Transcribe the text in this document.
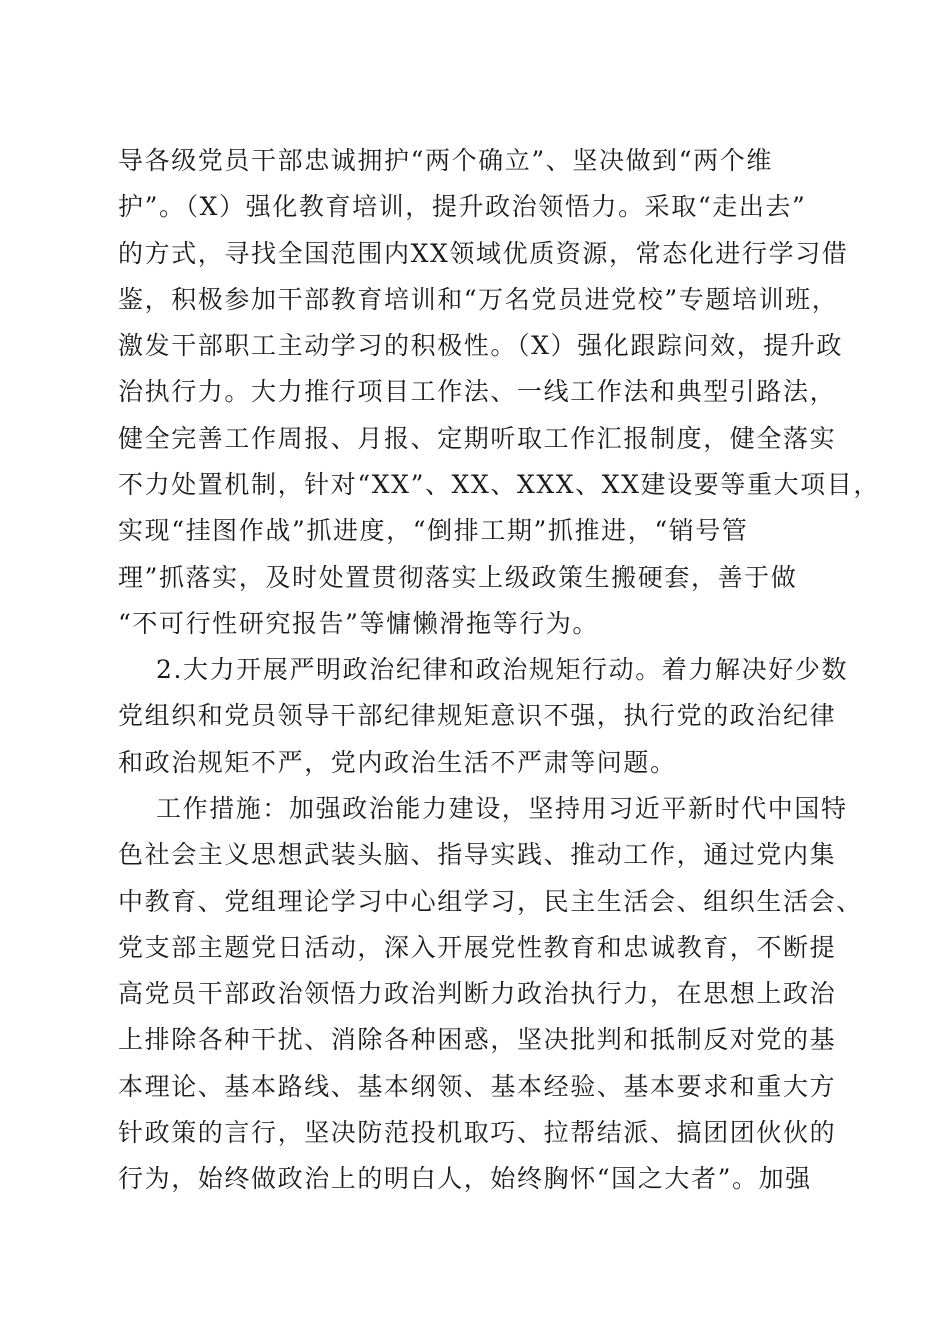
导各级党员干部忠诚拥护“两个确立”、坚决做到“两个维
护”。（X）强化教育培训，提升政治领悟力。采取“走出去”
的方式，寻找全国范围内XX领域优质资源，常态化进行学习借
鉴，积极参加干部教育培训和“万名党员进党校”专题培训班，
激发干部职工主动学习的积极性。（X）强化跟踪问效，提升政
治执行力。大力推行项目工作法、一线工作法和典型引路法，
健全完善工作周报、月报、定期听取工作汇报制度，健全落实
不力处置机制，针对“XX”、XX、XXX、XX建设要等重大项目，
实现“挂图作战”抓进度，“倒排工期”抓推进，“销号管
理”抓落实，及时处置贯彻落实上级政策生搬硬套，善于做
“不可行性研究报告”等慵懒滑拖等行为。
2.大力开展严明政治纪律和政治规矩行动。着力解决好少数
党组织和党员领导干部纪律规矩意识不强，执行党的政治纪律
和政治规矩不严，党内政治生活不严肃等问题。
工作措施：加强政治能力建设，坚持用习近平新时代中国特
色社会主义思想武装头脑、指导实践、推动工作，通过党内集
中教育、党组理论学习中心组学习，民主生活会、组织生活会、
党支部主题党日活动，深入开展党性教育和忠诚教育，不断提
高党员干部政治领悟力政治判断力政治执行力，在思想上政治
上排除各种干扰、消除各种困惑，坚决批判和抵制反对党的基
本理论、基本路线、基本纲领、基本经验、基本要求和重大方
针政策的言行，坚决防范投机取巧、拉帮结派、搞团团伙伙的
行为，始终做政治上的明白人，始终胸怀“国之大者”。加强
